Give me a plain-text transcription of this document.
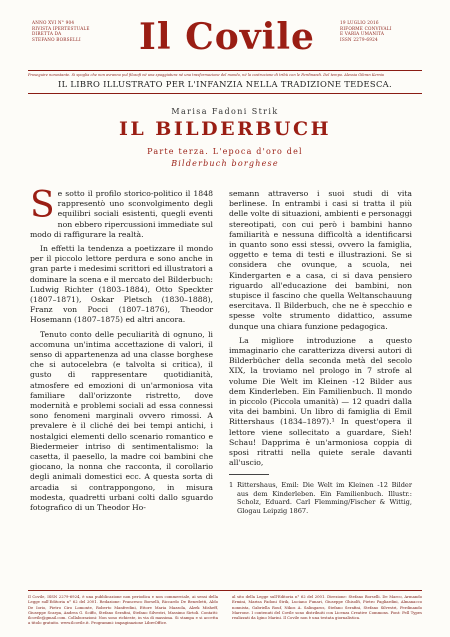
ANNO XVI N° 904
RIVISTA IPERTESTUALE
DIRETTA DA
STEFANO BORSELLI	Il Covile	19 LUGLIO 2016
RIFORME CONVIVALI
E VARIA UMANITÀ
ISSN 2279-6924
Proseguire nonostante. Si spoglia che non avranno pul filosofi né una spaggiatura né una trasformazione del mondo, né la costruzione di tribù con le Ferdinandi. Del tempo. Alessia Gibran Kernia
IL LIBRO ILLUSTRATO PER L'INFANZIA NELLA TRADIZIONE TEDESCA.
Marisa Fadoni Strik
IL BILDERBUCH
Parte terza. L'epoca d'oro del
Bilderbuch borghese

Se sotto il profilo storico-politico il 1848 rappresentò uno sconvolgimento degli equilibri sociali esistenti, quegli eventi non ebbero ripercussioni immediate sul modo di raffigurare la realtà.

In effetti la tendenza a poetizzare il mondo per il piccolo lettore perdura e sono anche in gran parte i medesimi scrittori ed illustratori a dominare la scena e il mercato del Bilderbuch: Ludwig Richter (1803–1884), Otto Speckter (1807–1871), Oskar Pletsch (1830–1888), Franz von Pocci (1807–1876), Theodor Hosemann (1807–1875) ed altri ancora.

Tenuto conto delle peculiarità di ognuno, li accomuna un'intima accettazione di valori, il senso di appartenenza ad una classe borghese che si autocelebra (e talvolta si critica), il gusto di rappresentare quotidianità, atmosfere ed emozioni di un'armoniosa vita familiare dall'orizzonte ristretto, dove modernità e problemi sociali ad essa connessi sono fenomeni marginali ovvero rimossi. A prevalere è il cliché dei bei tempi antichi, i nostalgici elementi dello scenario romantico e Biedermeier intriso di sentimentalismo: la casetta, il paesello, la madre coi bambini che giocano, la nonna che racconta, il corollario degli animali domestici ecc. A questa sorta di arcadia si contrappongono, in misura modesta, quadretti urbani colti dallo sguardo fotografico di un Theodor Ho-

semann attraverso i suoi studi di vita berlinese. In entrambi i casi si tratta il più delle volte di situazioni, ambienti e personaggi stereotipati, con cui però i bambini hanno familiarità e nessuna difficoltà a identificarsi in quanto sono essi stessi, ovvero la famiglia, oggetto e tema di testi e illustrazioni. Se si considera che ovunque, a scuola, nei Kindergarten e a casa, ci si dava pensiero riguardo all'educazione dei bambini, non stupisce il fascino che quella Weltanschauung esercitava. Il Bilderbuch, che ne è specchio e spesse volte strumento didattico, assume dunque una chiara funzione pedagogica.

La migliore introduzione a questo immaginario che caratterizza diversi autori di Bilderbücher della seconda metà del secolo XIX, la troviamo nel prologo in 7 strofe al volume Die Welt im Kleinen -12 Bilder aus dem Kinderleben. Ein Familienbuch. Il mondo in piccolo (Piccola umanità) — 12 quadri dalla vita dei bambini. Un libro di famiglia di Emil Rittershaus (1834–1897).¹ In quest'opera il lettore viene sollecitato a guardare, Sieh! Schau! Dapprima è un'armoniosa coppia di sposi ritratti nella quiete serale davanti all'uscio,

1 Rittershaus, Emil: Die Welt im Kleinen -12 Bilder aus dem Kinderleben. Ein Familienbuch. Illustr.: Scholz, Eduard. Carl Flemming/Fischer & Wittig, Glogau Leipzig 1867.

Il Covile, ISSN 2279-6924, è una pubblicazione non periodica e non commerciale, ai sensi della Legge sull'Editoria n° 62 del 2001. Redazione: Francesco Borselli, Riccardo De Benedetti, Aldo De Iorio, Pietro Ciro Lomonte, Roberto Manfredini, Ettore Maria Mazzola, Alzek Misheff, Giuseppe Scarpa, Andrea G. Sciffo, Stefano Serafini, Stefano Silvestri, Massimo Sirtoli. Contatti: ilcovile@gmail.com. Collaborazioni: Non sono richieste, in via di massima. Si stampa e si accetta a titolo gratuito. www.ilcovile.it. Programmi: impaginazione LibreOffice.
al sito della Legge sull'Editoria n° 62 del 2001. Direzione: Stefano Borselli. De Marco, Armando Ermini, Marisa Fadoni Strik, Luciano Funari, Giuseppe Ghisolfi, Pietro Pagliardini, Almanacco nonnista, Gabriella Rouf, Nikos A. Salingaros, Stefano Serafini, Stefano Silvestri, Ferdinando Marrone. I contenuti del Covile sono distribuiti con Licenza Creative Commons. Font: Fell Types realizzati da Igino Marini. Il Covile non è una testata giornalistica.
